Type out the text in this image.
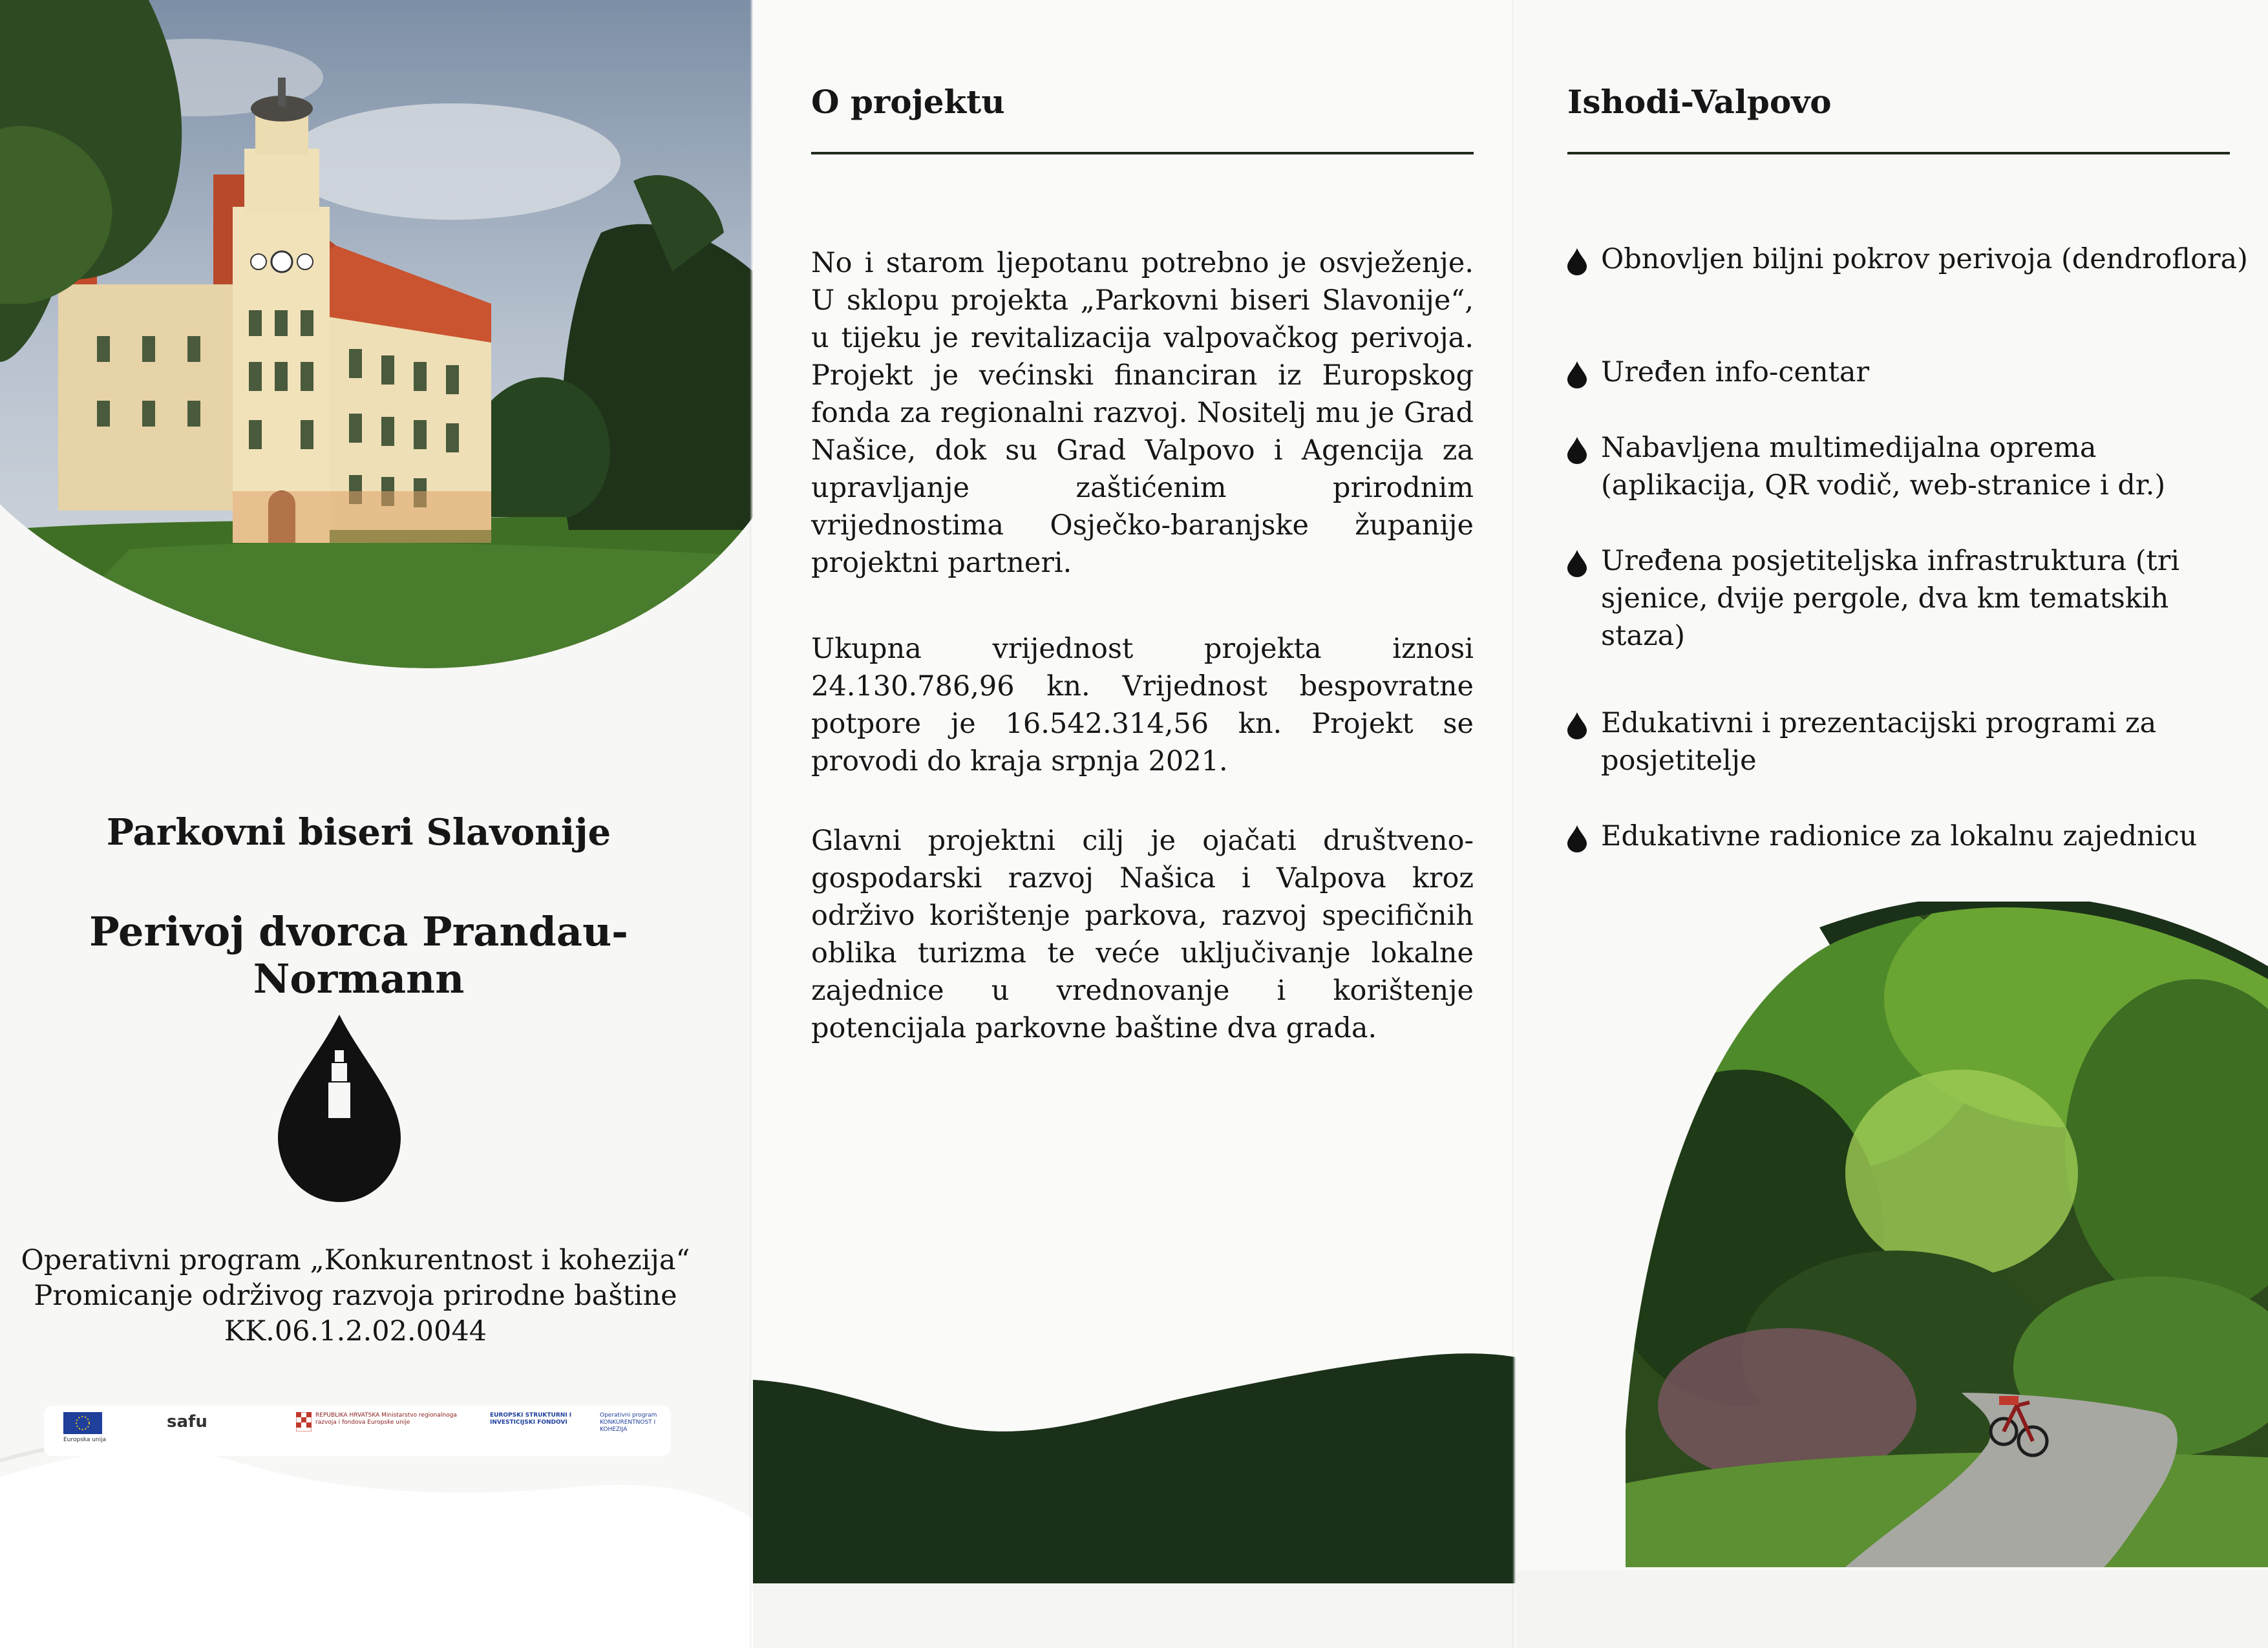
Parkovni biseri Slavonije

Perivoj dvorca Prandau-Normann

Operativni program „Konkurentnost i kohezija“

Promicanje održivog razvoja prirodne baštine

KK.06.1.2.02.0044

Europska unija
safu	REPUBLIKA HRVATSKA Ministarstvo regionalnoga razvoja i fondova Europske unije
EUROPSKI STRUKTURNI I INVESTICIJSKI FONDOVI
Operativni program KONKURENTNOST I KOHEZIJA
O projektu

No i starom ljepotanu potrebno je osvježenje. U sklopu projekta „Parkovni biseri Slavonije“, u tijeku je revitalizacija valpovačkog perivoja. Projekt je većinski financiran iz Europskog fonda za regionalni razvoj. Nositelj mu je Grad Našice, dok su Grad Valpovo i Agencija za upravljanje zaštićenim prirodnim vrijednostima Osječko-baranjske županije projektni partneri.

Ukupna vrijednost projekta iznosi 24.130.786,96 kn. Vrijednost bespovratne potpore je 16.542.314,56 kn. Projekt se provodi do kraja srpnja 2021.

Glavni projektni cilj je ojačati društveno-gospodarski razvoj Našica i Valpova kroz održivo korištenje parkova, razvoj specifičnih oblika turizma te veće uključivanje lokalne zajednice u vrednovanje i korištenje potencijala parkovne baštine dva grada.

Ishodi-Valpovo
Obnovljen biljni pokrov perivoja (dendroflora)
Uređen info-centar
Nabavljena multimedijalna oprema (aplikacija, QR vodič, web-stranice i dr.)
Uređena posjetiteljska infrastruktura (tri sjenice, dvije pergole, dva km tematskih staza)
Edukativni i prezentacijski programi za posjetitelje
Edukativne radionice za lokalnu zajednicu
